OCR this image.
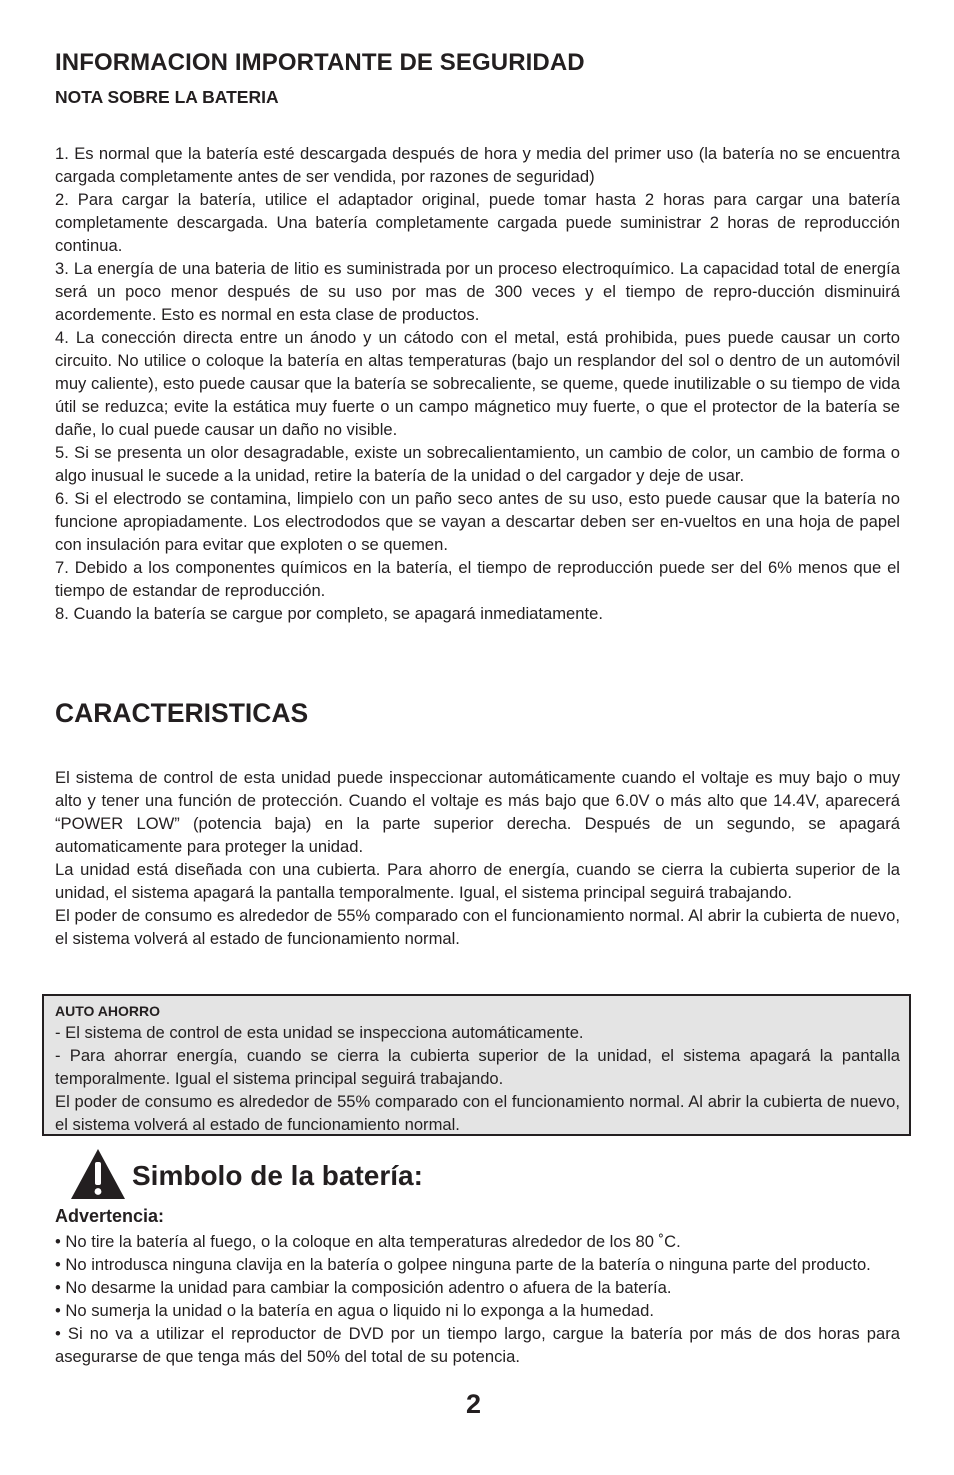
INFORMACION IMPORTANTE DE SEGURIDAD
NOTA SOBRE LA BATERIA

1. Es normal que la batería esté descargada después de hora y media del primer uso (la batería no se encuentra cargada completamente antes de ser vendida, por razones de seguridad)

2. Para cargar la batería, utilice el adaptador original, puede tomar hasta 2 horas para cargar una batería completamente descargada. Una batería completamente cargada puede suministrar 2 horas de reproducción continua.

3. La energía de una bateria de litio es suministrada por un proceso electroquímico. La capacidad total de energía será un poco menor después de su uso por mas de 300 veces y el tiempo de repro-ducción disminuirá acordemente. Esto es normal en esta clase de productos.

4. La conección directa entre un ánodo y un cátodo con el metal, está prohibida, pues puede causar un corto circuito. No utilice o coloque la batería en altas temperaturas (bajo un resplandor del sol o dentro de un automóvil muy caliente), esto puede causar que la batería se sobrecaliente, se queme, quede inutilizable o su tiempo de vida útil se reduzca; evite la estática muy fuerte o un campo mágnetico muy fuerte, o que el protector de la batería se dañe, lo cual puede causar un daño no visible.

5. Si se presenta un olor desagradable, existe un sobrecalientamiento, un cambio de color, un cambio de forma o algo inusual le sucede a la unidad, retire la batería de la unidad o del cargador y deje de usar.

6. Si el electrodo se contamina, limpielo con un paño seco antes de su uso, esto puede causar que la batería no funcione apropiadamente. Los electrododos que se vayan a descartar deben ser en-vueltos en una hoja de papel con insulación para evitar que exploten o se quemen.

7. Debido a los componentes químicos en la batería, el tiempo de reproducción puede ser del 6% menos que el tiempo de estandar de reproducción.

8. Cuando la batería se cargue por completo, se apagará inmediatamente.

CARACTERISTICAS

El sistema de control de esta unidad puede inspeccionar automáticamente cuando el voltaje es muy bajo o muy alto y tener una función de protección. Cuando el voltaje es más bajo que 6.0V o más alto que 14.4V, aparecerá “POWER LOW” (potencia baja) en la parte superior derecha. Después de un segundo, se apagará automaticamente para proteger la unidad.

La unidad está diseñada con una cubierta. Para ahorro de energía, cuando se cierra la cubierta superior de la unidad, el sistema apagará la pantalla temporalmente. Igual, el sistema principal seguirá trabajando.

El poder de consumo es alrededor de 55% comparado con el funcionamiento normal. Al abrir la cubierta de nuevo, el sistema volverá al estado de funcionamiento normal.

AUTO AHORRO

- El sistema de control de esta unidad se inspecciona automáticamente.

- Para ahorrar energía, cuando se cierra la cubierta superior de la unidad, el sistema apagará la pantalla temporalmente. Igual el sistema principal seguirá trabajando.

El poder de consumo es alrededor de 55% comparado con el funcionamiento normal. Al abrir la cubierta de nuevo, el sistema volverá al estado de funcionamiento normal.

Simbolo de la batería:
Advertencia:

• No tire la batería al fuego, o la coloque en alta temperaturas alrededor de los 80 ˚C.

• No introdusca ninguna clavija en la batería o golpee ninguna parte de la batería o ninguna parte del producto.

• No desarme la unidad para cambiar la composición adentro o afuera de la batería.

• No sumerja la unidad o la batería en agua o liquido ni lo exponga a la humedad.

• Si no va a utilizar el reproductor de DVD por un tiempo largo, cargue la batería por más de dos horas para asegurarse de que tenga más del 50% del total de su potencia.

2
